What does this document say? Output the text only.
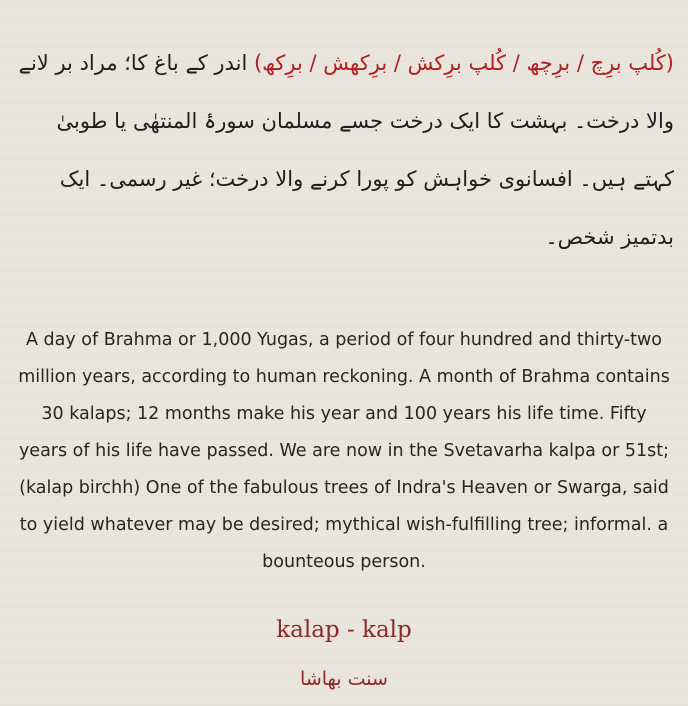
(کُلپ برِچ / برِچھ / کُلپ برِکش / برِکھش / برِکھ) اندر کے باغ کا؛ مراد بر لانے والا درخت۔ بہشت کا ایک درخت جسے مسلمان سورۂ المنتھٰی یا طوبیٰ کہتے ہیں۔ افسانوی خواہش کو پورا کرنے والا درخت؛ غیر رسمی۔ ایک بدتمیز شخص۔

A day of Brahma or 1,000 Yugas, a period of four hundred and thirty-two million years, according to human reckoning. A month of Brahma contains 30 kalaps; 12 months make his year and 100 years his life time. Fifty years of his life have passed. We are now in the Svetavarha kalpa or 51st;

(kalap birchh) One of the fabulous trees of Indra's Heaven or Swarga, said to yield whatever may be desired; mythical wish-fulfilling tree; informal. a bounteous person.

kalap - kalp
سنت بھاشا
